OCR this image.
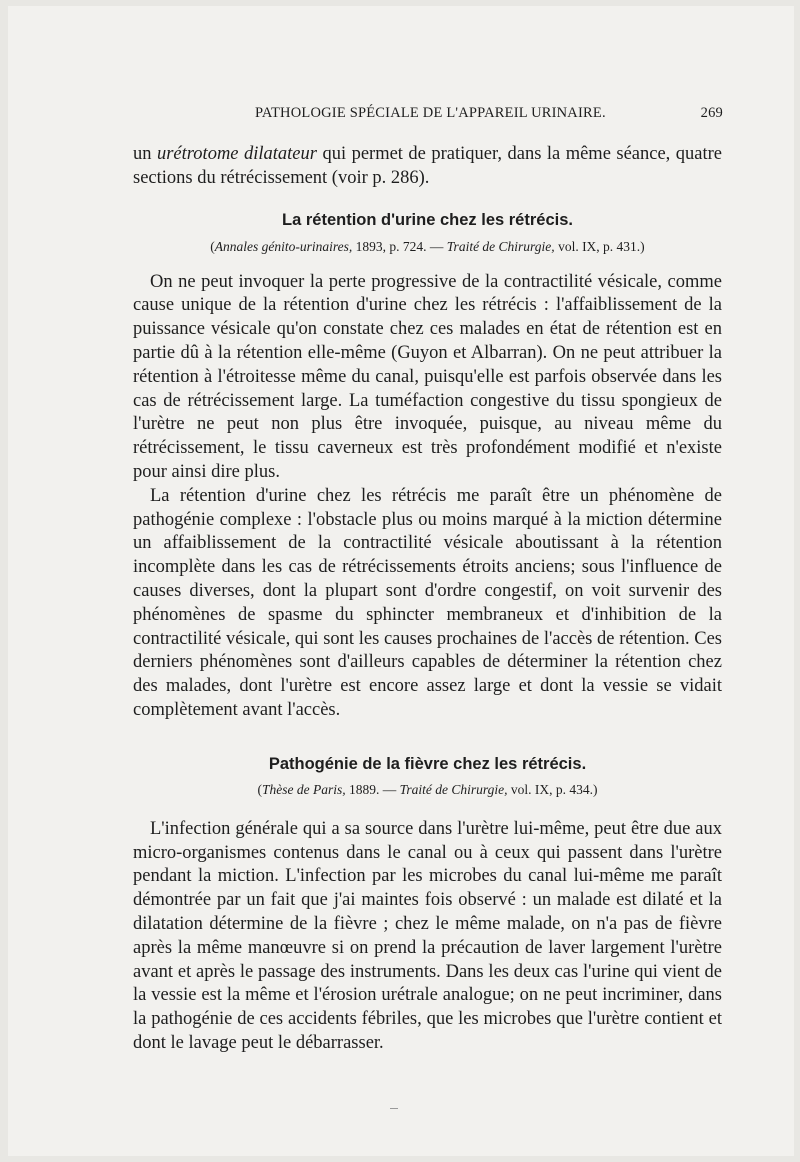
PATHOLOGIE SPÉCIALE DE L'APPAREIL URINAIRE.	269

un urétrotome dilatateur qui permet de pratiquer, dans la même séance, quatre sections du rétrécissement (voir p. 286).

La rétention d'urine chez les rétrécis.
(Annales génito-urinaires, 1893, p. 724. — Traité de Chirurgie, vol. IX, p. 431.)

On ne peut invoquer la perte progressive de la contractilité vésicale, comme cause unique de la rétention d'urine chez les rétrécis : l'affaiblissement de la puissance vésicale qu'on constate chez ces malades en état de rétention est en partie dû à la rétention elle-même (Guyon et Albarran). On ne peut attribuer la rétention à l'étroitesse même du canal, puisqu'elle est parfois observée dans les cas de rétrécissement large. La tuméfaction congestive du tissu spongieux de l'urètre ne peut non plus être invoquée, puisque, au niveau même du rétrécissement, le tissu caverneux est très profondément modifié et n'existe pour ainsi dire plus.

La rétention d'urine chez les rétrécis me paraît être un phénomène de pathogénie complexe : l'obstacle plus ou moins marqué à la miction détermine un affaiblissement de la contractilité vésicale aboutissant à la rétention incomplète dans les cas de rétrécissements étroits anciens; sous l'influence de causes diverses, dont la plupart sont d'ordre congestif, on voit survenir des phénomènes de spasme du sphincter membraneux et d'inhibition de la contractilité vésicale, qui sont les causes prochaines de l'accès de rétention. Ces derniers phénomènes sont d'ailleurs capables de déterminer la rétention chez des malades, dont l'urètre est encore assez large et dont la vessie se vidait complètement avant l'accès.

Pathogénie de la fièvre chez les rétrécis.
(Thèse de Paris, 1889. — Traité de Chirurgie, vol. IX, p. 434.)

L'infection générale qui a sa source dans l'urètre lui-même, peut être due aux micro-organismes contenus dans le canal ou à ceux qui passent dans l'urètre pendant la miction. L'infection par les microbes du canal lui-même me paraît démontrée par un fait que j'ai maintes fois observé : un malade est dilaté et la dilatation détermine de la fièvre ; chez le même malade, on n'a pas de fièvre après la même manœuvre si on prend la précaution de laver largement l'urètre avant et après le passage des instruments. Dans les deux cas l'urine qui vient de la vessie est la même et l'érosion urétrale analogue; on ne peut incriminer, dans la pathogénie de ces accidents fébriles, que les microbes que l'urètre contient et dont le lavage peut le débarrasser.
